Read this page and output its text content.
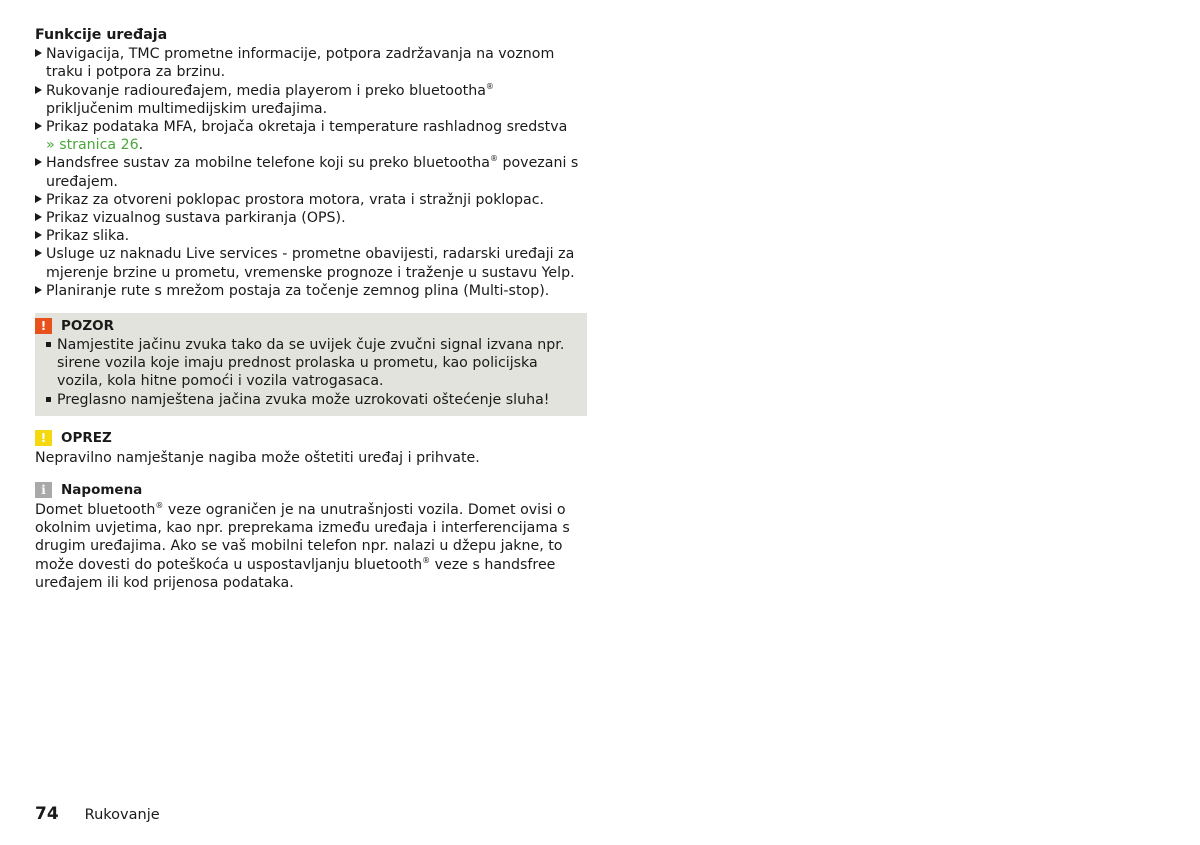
Funkcije uređaja
Navigacija, TMC prometne informacije, potpora zadržavanja na voznom traku i potpora za brzinu.
Rukovanje radiouređajem, media playerom i preko bluetootha® priključenim multimedijskim uređajima.
Prikaz podataka MFA, brojača okretaja i temperature rashladnog sredstva
» stranica 26.
Handsfree sustav za mobilne telefone koji su preko bluetootha® povezani s uređajem.
Prikaz za otvoreni poklopac prostora motora, vrata i stražnji poklopac.
Prikaz vizualnog sustava parkiranja (OPS).
Prikaz slika.
Usluge uz naknadu Live services - prometne obavijesti, radarski uređaji za mjerenje brzine u prometu, vremenske prognoze i traženje u sustavu Yelp.
Planiranje rute s mrežom postaja za točenje zemnog plina (Multi-stop).
!	POZOR
Namjestite jačinu zvuka tako da se uvijek čuje zvučni signal izvana npr. sirene vozila koje imaju prednost prolaska u prometu, kao policijska vozila, kola hitne pomoći i vozila vatrogasaca.
Preglasno namještena jačina zvuka može uzrokovati oštećenje sluha!
!	OPREZ
Nepravilno namještanje nagiba može oštetiti uređaj i prihvate.
i	Napomena
Domet bluetooth® veze ograničen je na unutrašnjosti vozila. Domet ovisi o okolnim uvjetima, kao npr. preprekama između uređaja i interferencijama s drugim uređajima. Ako se vaš mobilni telefon npr. nalazi u džepu jakne, to može dovesti do poteškoća u uspostavljanju bluetooth® veze s handsfree uređajem ili kod prijenosa podataka.
74 Rukovanje
